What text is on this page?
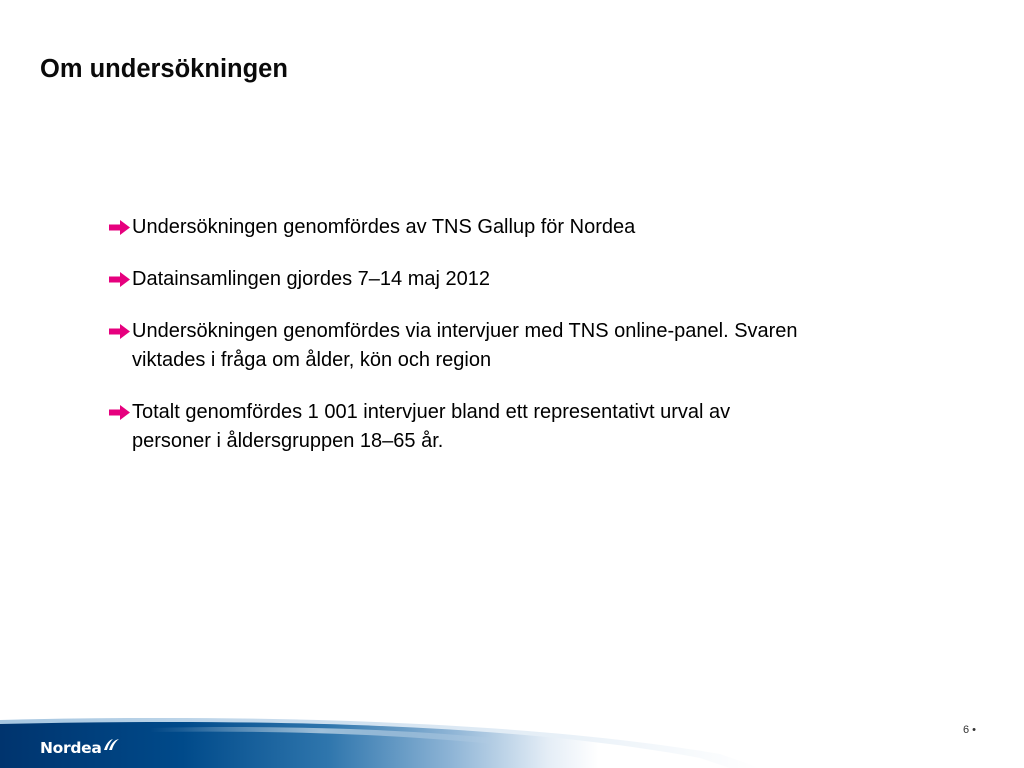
Om undersökningen
Undersökningen genomfördes av TNS Gallup för Nordea
Datainsamlingen gjordes 7–14 maj 2012
Undersökningen genomfördes via intervjuer med TNS online-panel. Svaren
viktades i fråga om ålder, kön och region
Totalt genomfördes 1 001 intervjuer bland ett representativt urval av
personer i åldersgruppen 18–65 år.
6 •
Nordea
